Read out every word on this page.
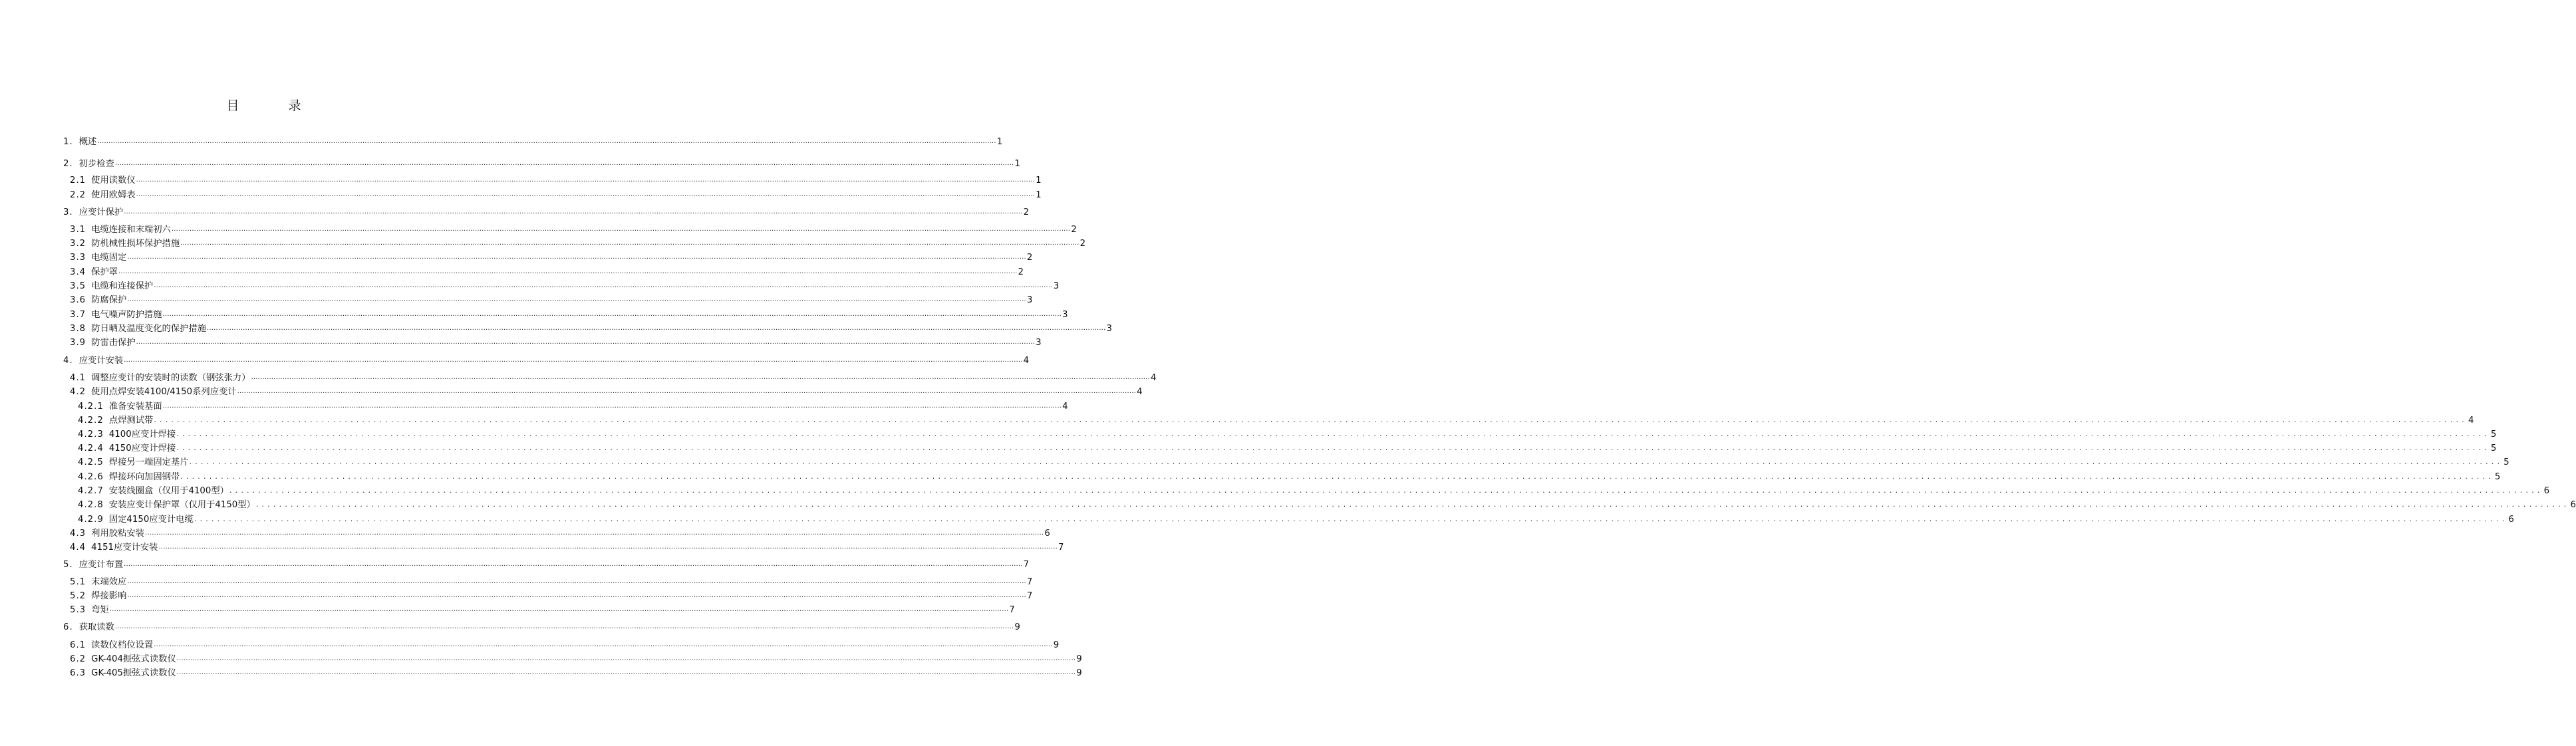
目 录
1. 概述 ................................................................................................................................................................................................................................................................................................................................................................................................................ 1
2. 初步检查 ................................................................................................................................................................................................................................................................................................................................................................................................................ 1
2.1 使用读数仪 ................................................................................................................................................................................................................................................................................................................................................................................................................ 1
2.2 使用欧姆表 ................................................................................................................................................................................................................................................................................................................................................................................................................ 1
3. 应变计保护 ................................................................................................................................................................................................................................................................................................................................................................................................................ 2
3.1 电缆连接和末端初六 ................................................................................................................................................................................................................................................................................................................................................................................................................ 2
3.2 防机械性损坏保护措施 ................................................................................................................................................................................................................................................................................................................................................................................................................ 2
3.3 电缆固定 ................................................................................................................................................................................................................................................................................................................................................................................................................ 2
3.4 保护罩 ................................................................................................................................................................................................................................................................................................................................................................................................................ 2
3.5 电缆和连接保护 ................................................................................................................................................................................................................................................................................................................................................................................................................ 3
3.6 防腐保护 ................................................................................................................................................................................................................................................................................................................................................................................................................ 3
3.7 电气噪声防护措施 ................................................................................................................................................................................................................................................................................................................................................................................................................ 3
3.8 防日晒及温度变化的保护措施 ................................................................................................................................................................................................................................................................................................................................................................................................................ 3
3.9 防雷击保护 ................................................................................................................................................................................................................................................................................................................................................................................................................ 3
4. 应变计安装 ................................................................................................................................................................................................................................................................................................................................................................................................................ 4
4.1 调整应变计的安装时的读数（钢弦张力） ................................................................................................................................................................................................................................................................................................................................................................................................................ 4
4.2 使用点焊安装4100/4150系列应变计 ................................................................................................................................................................................................................................................................................................................................................................................................................ 4
4.2.1 准备安装基面 ................................................................................................................................................................................................................................................................................................................................................................................................................ 4
4.2.2 点焊测试带 ................................................................................................................................................................................................................................................................................................................................................................................................................ 4
4.2.3 4100应变计焊接 ................................................................................................................................................................................................................................................................................................................................................................................................................ 5
4.2.4 4150应变计焊接 ................................................................................................................................................................................................................................................................................................................................................................................................................ 5
4.2.5 焊接另一端固定基片 ................................................................................................................................................................................................................................................................................................................................................................................................................ 5
4.2.6 焊接环向加固钢带 ................................................................................................................................................................................................................................................................................................................................................................................................................ 5
4.2.7 安装线圈盒（仅用于4100型） ................................................................................................................................................................................................................................................................................................................................................................................................................ 6
4.2.8 安装应变计保护罩（仅用于4150型） ................................................................................................................................................................................................................................................................................................................................................................................................................ 6
4.2.9 固定4150应变计电缆 ................................................................................................................................................................................................................................................................................................................................................................................................................ 6
4.3 利用胶粘安装 ................................................................................................................................................................................................................................................................................................................................................................................................................ 6
4.4 4151应变计安装 ................................................................................................................................................................................................................................................................................................................................................................................................................ 7
5. 应变计布置 ................................................................................................................................................................................................................................................................................................................................................................................................................ 7
5.1 末端效应 ................................................................................................................................................................................................................................................................................................................................................................................................................ 7
5.2 焊接影响 ................................................................................................................................................................................................................................................................................................................................................................................................................ 7
5.3 弯矩 ................................................................................................................................................................................................................................................................................................................................................................................................................ 7
6. 获取读数 ................................................................................................................................................................................................................................................................................................................................................................................................................ 9
6.1 读数仪档位设置 ................................................................................................................................................................................................................................................................................................................................................................................................................ 9
6.2 GK-404振弦式读数仪 ................................................................................................................................................................................................................................................................................................................................................................................................................ 9
6.3 GK-405振弦式读数仪 ................................................................................................................................................................................................................................................................................................................................................................................................................ 9
